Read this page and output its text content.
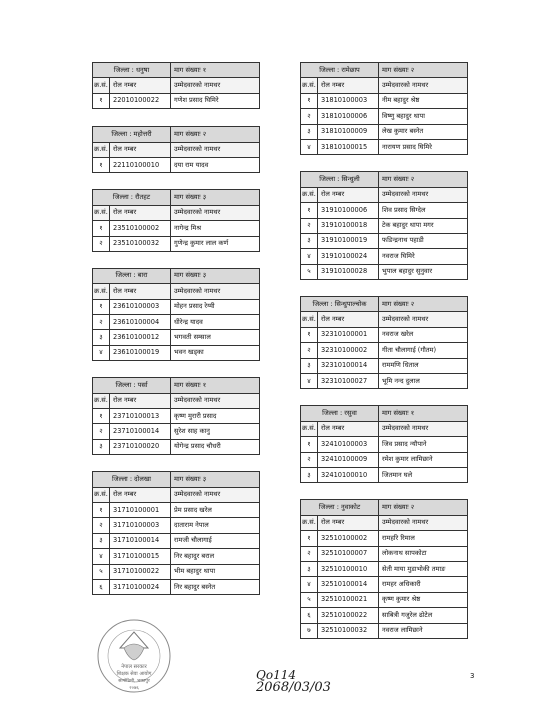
जिल्ला : धनुषा		माग संख्याः १
क्र.सं.	रोल नम्बर	उम्मेदवारको नामथर
१	22010100022	गणेश प्रसाद घिमिरे
जिल्ला : महोत्तरी		माग संख्याः २
क्र.सं.	रोल नम्बर	उम्मेदवारको नामथर
१	22110100010	दया राम यादव
जिल्ला : रौतहट		माग संख्याः ३
क्र.सं.	रोल नम्बर	उम्मेदवारको नामथर
१	23510100002	नागेन्द्र मिश्र
२	23510100032	गुणेन्द्र कुमार लाल कर्ण
जिल्ला : बारा		माग संख्याः ३
क्र.सं.	रोल नम्बर	उम्मेदवारको नामथर
१	23610100003	मोहन प्रसाद रेग्मी
२	23610100004	धीरेन्द्र यादव
३	23610100012	भगवती सम्साल
४	23610100019	भवन खड्का
जिल्ला : पर्सा		माग संख्याः १
क्र.सं.	रोल नम्बर	उम्मेदवारको नामथर
१	23710100013	कृष्ण मुरारी प्रसाद
२	23710100014	सुरेश साह कानु
३	23710100020	योगेन्द्र प्रसाद चौधरी
जिल्ला : दोलखा		माग संख्याः ३
क्र.सं.	रोल नम्बर	उम्मेदवारको नामथर
१	31710100001	प्रेम प्रसाद खरेल
२	31710100003	दाताराम नेपाल
३	31710100014	रामजी चौलागाई
४	31710100015	निर बहादुर बराल
५	31710100022	भीम बहादुर थापा
६	31710100024	निर बहादुर बस्नेत
जिल्ला : रामेछाप		माग संख्याः २
क्र.सं.	रोल नम्बर	उम्मेदवारको नामथर
१	31810100003	नीम बहादुर श्रेष्ठ
२	31810100006	विष्णु बहादुर थापा
३	31810100009	लेख कुमार बस्नेत
४	31810100015	नारायण प्रसाद घिमिरे
जिल्ला : सिन्धुली		माग संख्याः २
क्र.सं.	रोल नम्बर	उम्मेदवारको नामथर
१	31910100006	शिव प्रसाद सिग्देल
२	31910100018	टेक बहादुर थापा मगर
३	31910100019	फडिन्द्रनाथ पहाडी
४	31910100024	नवराज घिमिरे
५	31910100028	भुपाल बहादुर सुनुवार
जिल्ला : सिन्धुपाल्चोक		माग संख्याः २
क्र.सं.	रोल नम्बर	उम्मेदवारको नामथर
१	32310100001	नवराज खरेल
२	32310100002	गीता चौलागाई (गौतम)
३	32310100014	राममणि धिताल
४	32310100027	भूमि नन्द दुलाल
जिल्ला : रसुवा		माग संख्याः १
क्र.सं.	रोल नम्बर	उम्मेदवारको नामथर
१	32410100003	जिव प्रसाद न्यौपाने
२	32410100009	रमेश कुमार लामिछाने
३	32410100010	जितमान घले
जिल्ला : नुवाकोट		माग संख्याः २
क्र.सं.	रोल नम्बर	उम्मेदवारको नामथर
१	32510100002	रामहरि रिमाल
२	32510100007	लोकनाथ सापकोटा
३	32510100010	सेती माया मुडाभोकी तमाङ
४	32510100014	रामहर अधिकारी
५	32510100021	कृष्ण कुमार श्रेष्ठ
६	32510100022	साबित्री गजुरेल ढोटेल
७	32510100032	नवराज लामिछाने
नेपाल सरकार
शिक्षक सेवा आयोग
सानोठिमी, भक्तपुर
२०७६
Qo114
2068/03/03
3
